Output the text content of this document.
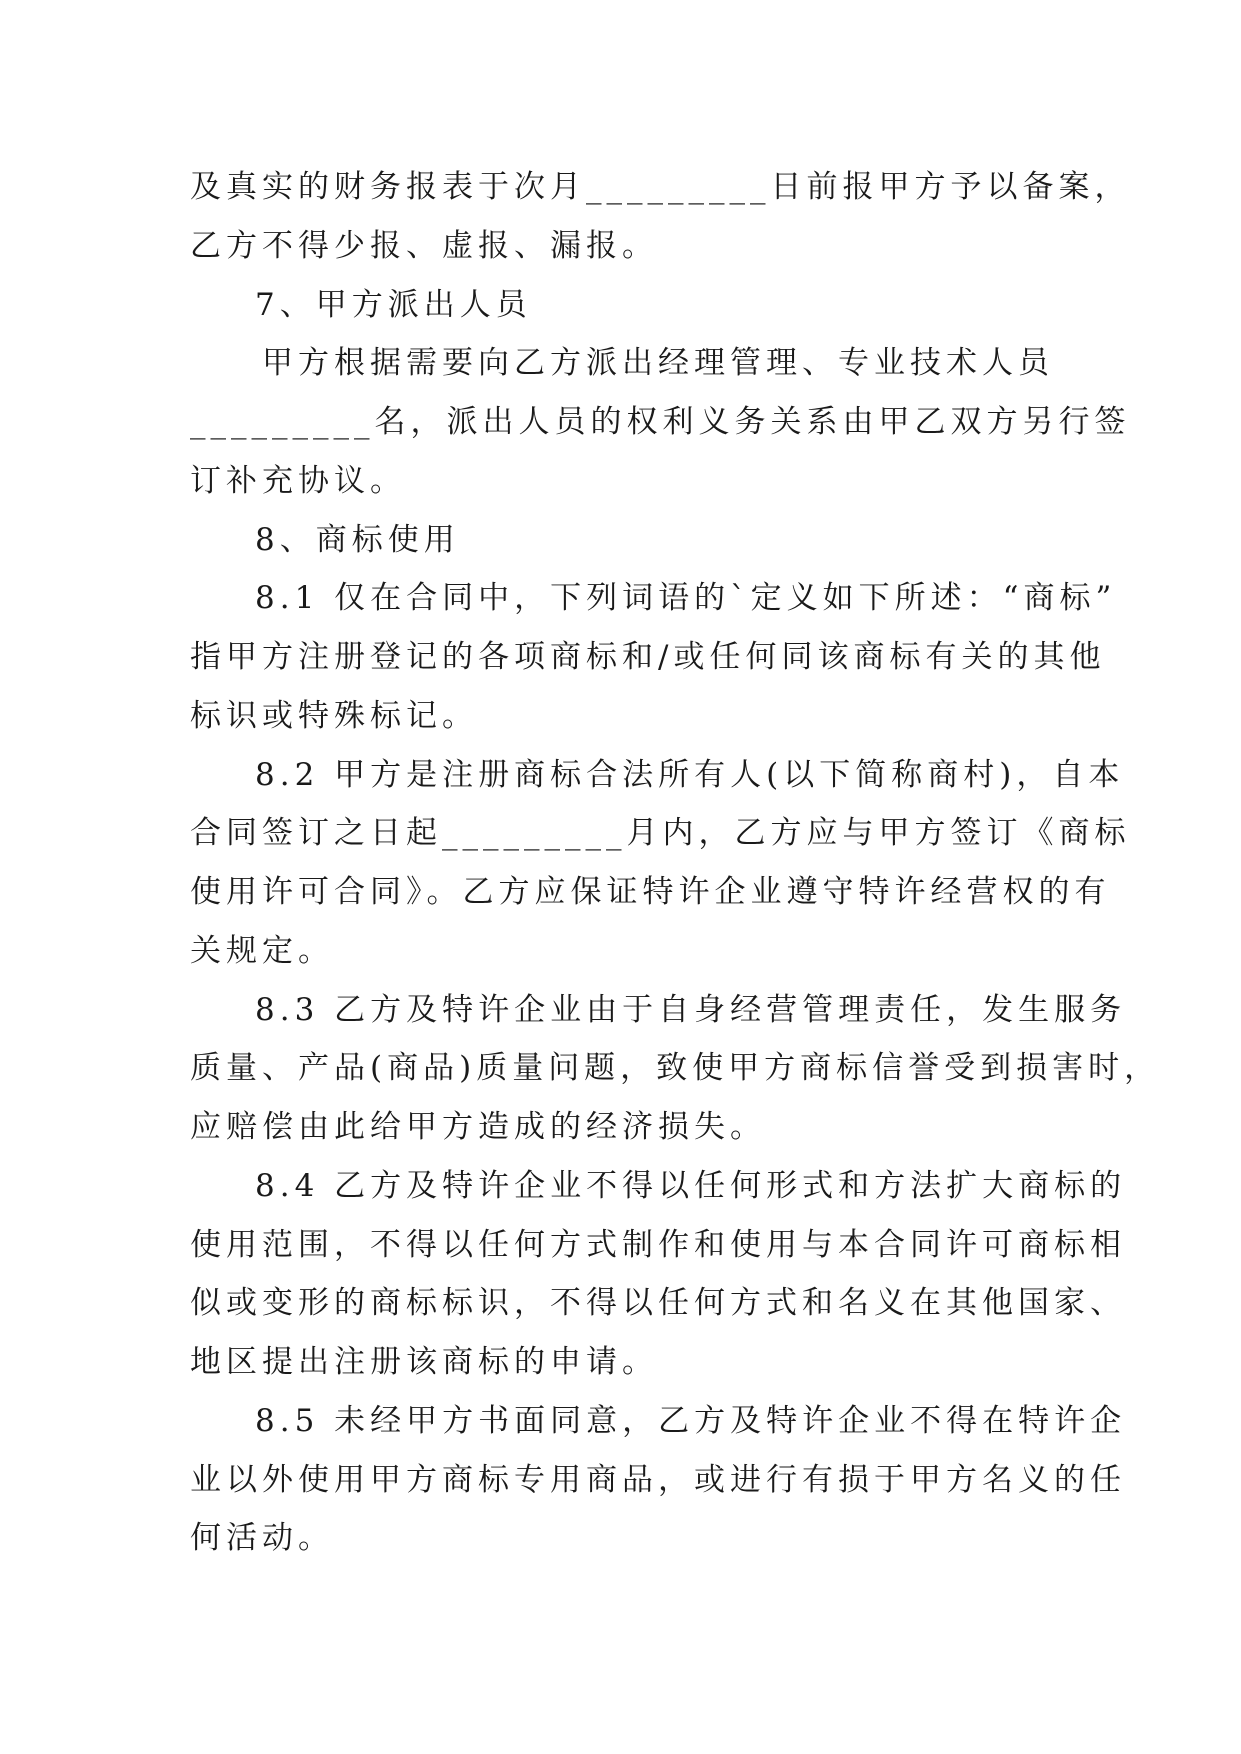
及真实的财务报表于次月_________日前报甲方予以备案，
乙方不得少报、虚报、漏报。
7、甲方派出人员
甲方根据需要向乙方派出经理管理、专业技术人员
_________名，派出人员的权利义务关系由甲乙双方另行签
订补充协议。
8、商标使用
8.1 仅在合同中，下列词语的`定义如下所述：“商标”
指甲方注册登记的各项商标和/或任何同该商标有关的其他
标识或特殊标记。
8.2 甲方是注册商标合法所有人(以下简称商村)，自本
合同签订之日起_________月内，乙方应与甲方签订《商标
使用许可合同》。乙方应保证特许企业遵守特许经营权的有
关规定。
8.3 乙方及特许企业由于自身经营管理责任，发生服务
质量、产品(商品)质量问题，致使甲方商标信誉受到损害时，
应赔偿由此给甲方造成的经济损失。
8.4 乙方及特许企业不得以任何形式和方法扩大商标的
使用范围，不得以任何方式制作和使用与本合同许可商标相
似或变形的商标标识，不得以任何方式和名义在其他国家、
地区提出注册该商标的申请。
8.5 未经甲方书面同意，乙方及特许企业不得在特许企
业以外使用甲方商标专用商品，或进行有损于甲方名义的任
何活动。
